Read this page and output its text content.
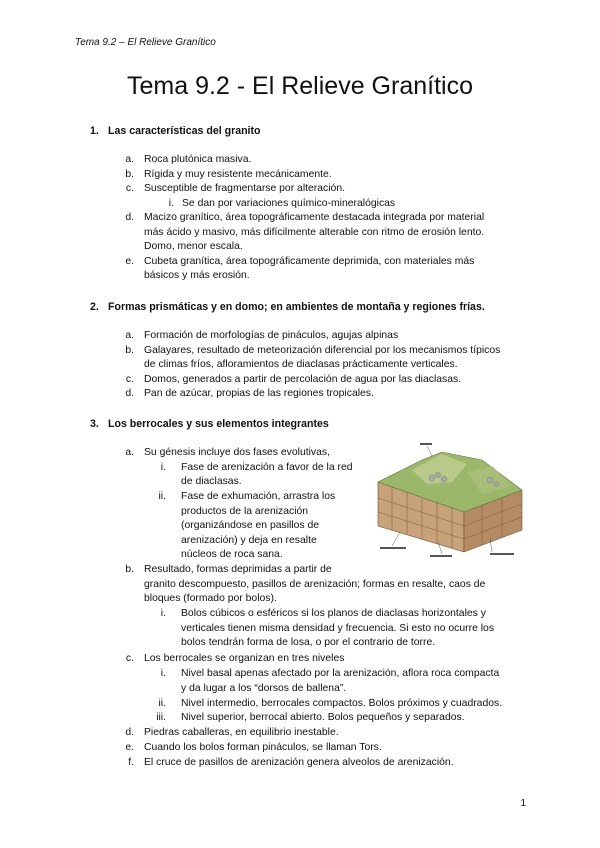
Tema 9.2 – El Relieve Granítico
Tema 9.2 - El Relieve Granítico
1. Las características del granito
a. Roca plutónica masiva.
b. Rígida y muy resistente mecánicamente.
c. Susceptible de fragmentarse por alteración.
i. Se dan por variaciones químico-mineralógicas
d. Macizo granítico, área topográficamente destacada integrada por material
más ácido y masivo, más difícilmente alterable con ritmo de erosión lento.
Domo, menor escala.
e. Cubeta granítica, área topográficamente deprimida, con materiales más
básicos y más erosión.
2. Formas prismáticas y en domo; en ambientes de montaña y regiones frías.
a. Formación de morfologías de pináculos, agujas alpinas
b. Galayares, resultado de meteorización diferencial por los mecanismos típicos
de climas fríos, afloramientos de diaclasas prácticamente verticales.
c. Domos, generados a partir de percolación de agua por las diaclasas.
d. Pan de azúcar, propias de las regiones tropicales.
3. Los berrocales y sus elementos integrantes
a. Su génesis incluye dos fases evolutivas,
i. Fase de arenización a favor de la red
de diaclasas.
ii. Fase de exhumación, arrastra los
productos de la arenización
(organizándose en pasillos de
arenización) y deja en resalte
núcleos de roca sana.
b. Resultado, formas deprimidas a partir de
granito descompuesto, pasillos de arenización; formas en resalte, caos de
bloques (formado por bolos).
i. Bolos cúbicos o esféricos si los planos de diaclasas horizontales y
verticales tienen misma densidad y frecuencia. Si esto no ocurre los
bolos tendrán forma de losa, o por el contrario de torre.
c. Los berrocales se organizan en tres niveles
i. Nivel basal apenas afectado por la arenización, aflora roca compacta
y da lugar a los “dorsos de ballena”.
ii. Nivel intermedio, berrocales compactos. Bolos próximos y cuadrados.
iii. Nivel superior, berrocal abierto. Bolos pequeños y separados.
d. Piedras caballeras, en equilibrio inestable.
e. Cuando los bolos forman pináculos, se llaman Tors.
f. El cruce de pasillos de arenización genera alveolos de arenización.
1
